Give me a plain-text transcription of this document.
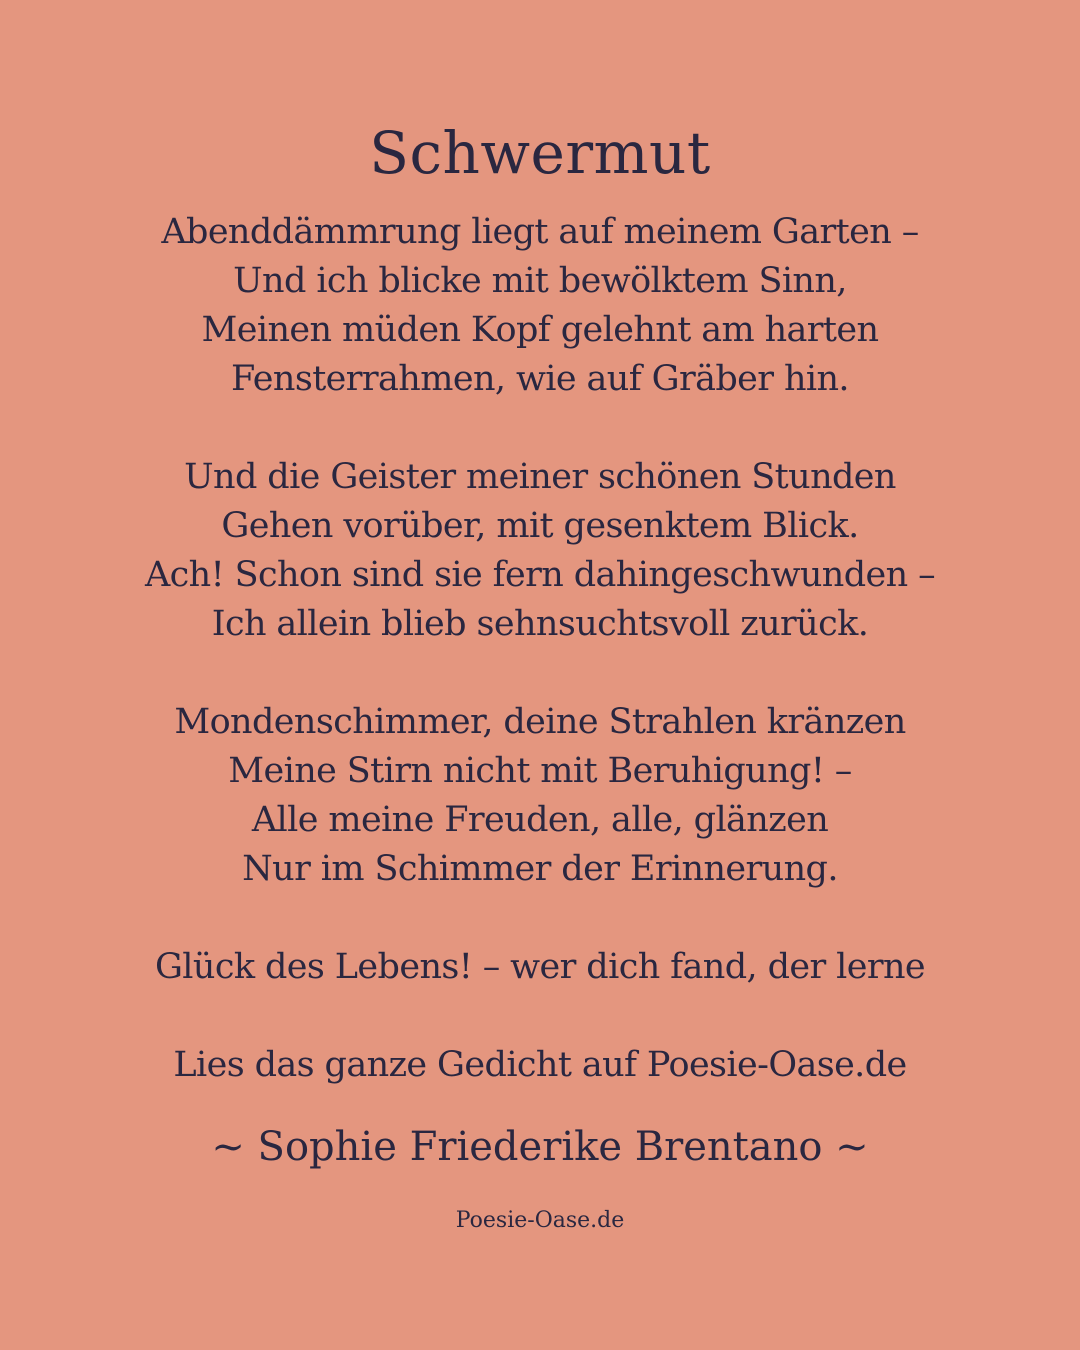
Schwermut
Abenddämmrung liegt auf meinem Garten –
Und ich blicke mit bewölktem Sinn,
Meinen müden Kopf gelehnt am harten
Fensterrahmen, wie auf Gräber hin.
Und die Geister meiner schönen Stunden
Gehen vorüber, mit gesenktem Blick.
Ach! Schon sind sie fern dahingeschwunden –
Ich allein blieb sehnsuchtsvoll zurück.
Mondenschimmer, deine Strahlen kränzen
Meine Stirn nicht mit Beruhigung! –
Alle meine Freuden, alle, glänzen
Nur im Schimmer der Erinnerung.
Glück des Lebens! – wer dich fand, der lerne
Lies das ganze Gedicht auf Poesie-Oase.de
~ Sophie Friederike Brentano ~
Poesie-Oase.de
